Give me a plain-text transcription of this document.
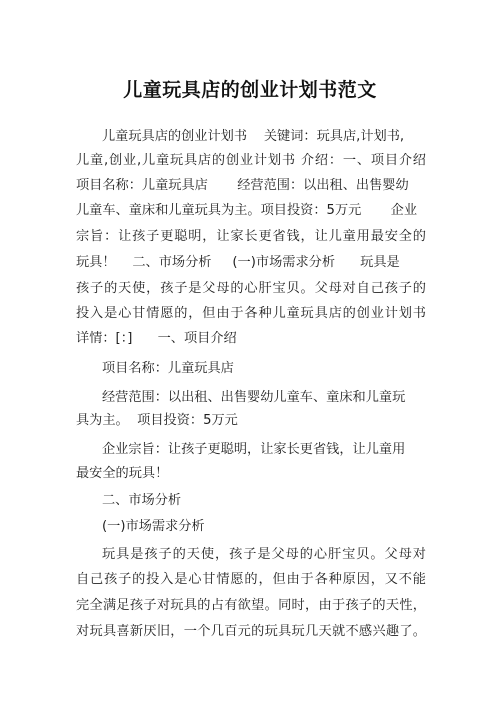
儿童玩具店的创业计划书范文
儿童玩具店的创业计划书    关键词：玩具店,计划书,
儿童,创业,儿童玩具店的创业计划书 介绍：一、项目介绍
项目名称：儿童玩具店       经营范围：以出租、出售婴幼
儿童车、童床和儿童玩具为主。项目投资：5万元       企业
宗旨：让孩子更聪明，让家长更省钱，让儿童用最安全的
玩具！    二、市场分析     (一)市场需求分析      玩具是
孩子的天使，孩子是父母的心肝宝贝。父母对自己孩子的
投入是心甘情愿的，但由于各种儿童玩具店的创业计划书
详情：[：]      一、项目介绍
项目名称：儿童玩具店
经营范围：以出租、出售婴幼儿童车、童床和儿童玩
具为主。  项目投资：5万元
企业宗旨：让孩子更聪明，让家长更省钱，让儿童用
最安全的玩具！
二、市场分析
(一)市场需求分析
玩具是孩子的天使，孩子是父母的心肝宝贝。父母对
自己孩子的投入是心甘情愿的，但由于各种原因，又不能
完全满足孩子对玩具的占有欲望。同时，由于孩子的天性，
对玩具喜新厌旧，一个几百元的玩具玩几天就不感兴趣了。
